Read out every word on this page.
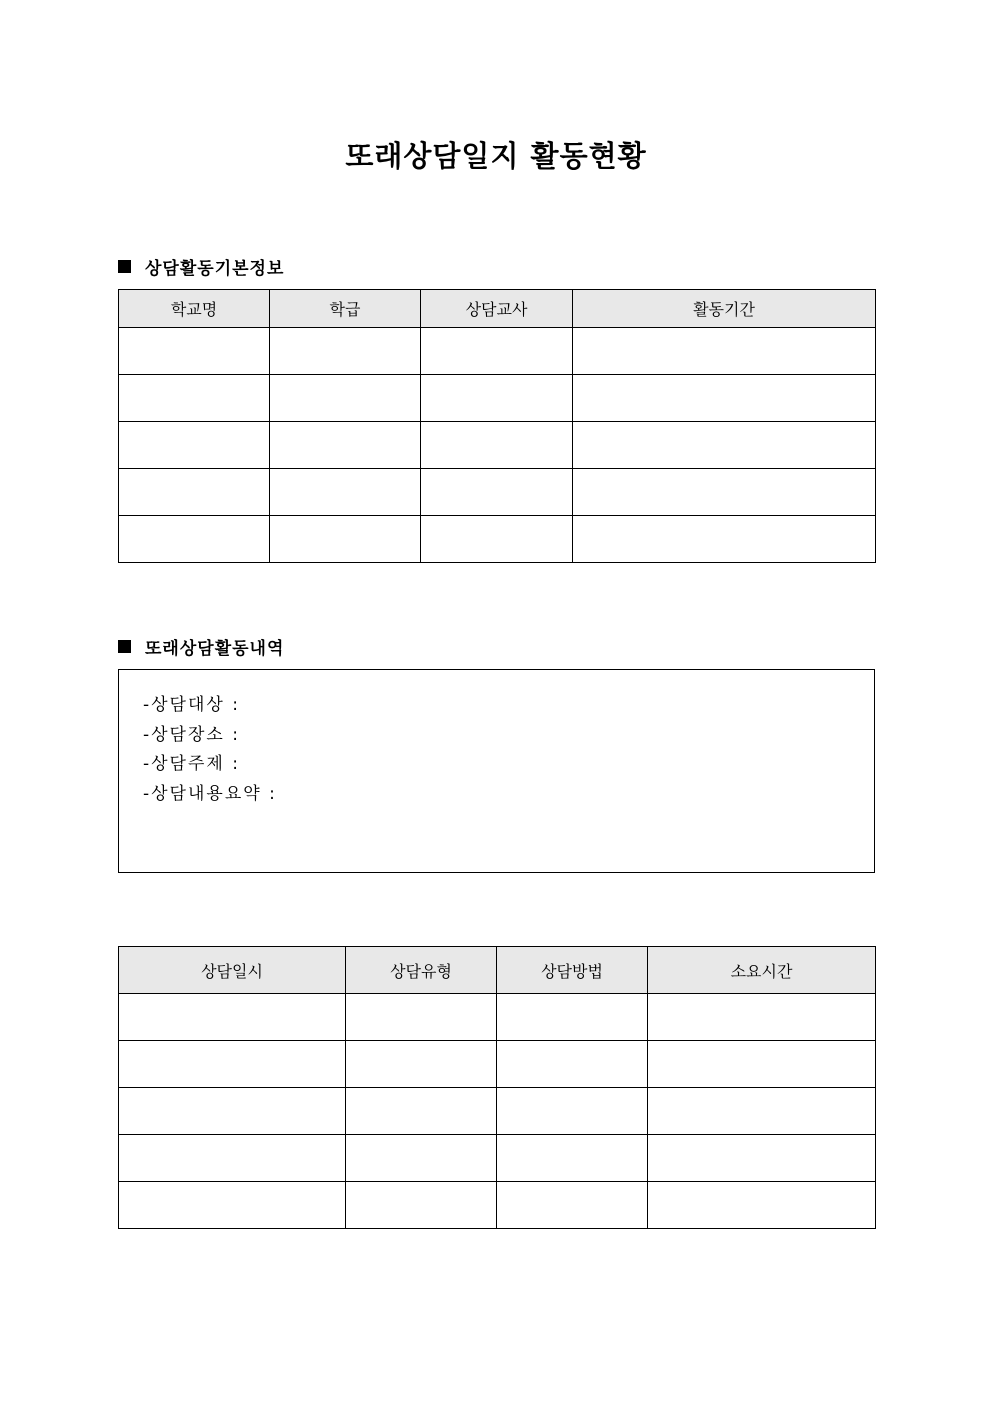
또래상담일지 활동현황
상담활동기본정보
학교명	학급	상담교사	활동기간

또래상담활동내역
-상담대상 :
-상담장소 :
-상담주제 :
-상담내용요약 :
상담일시	상담유형	상담방법	소요시간
